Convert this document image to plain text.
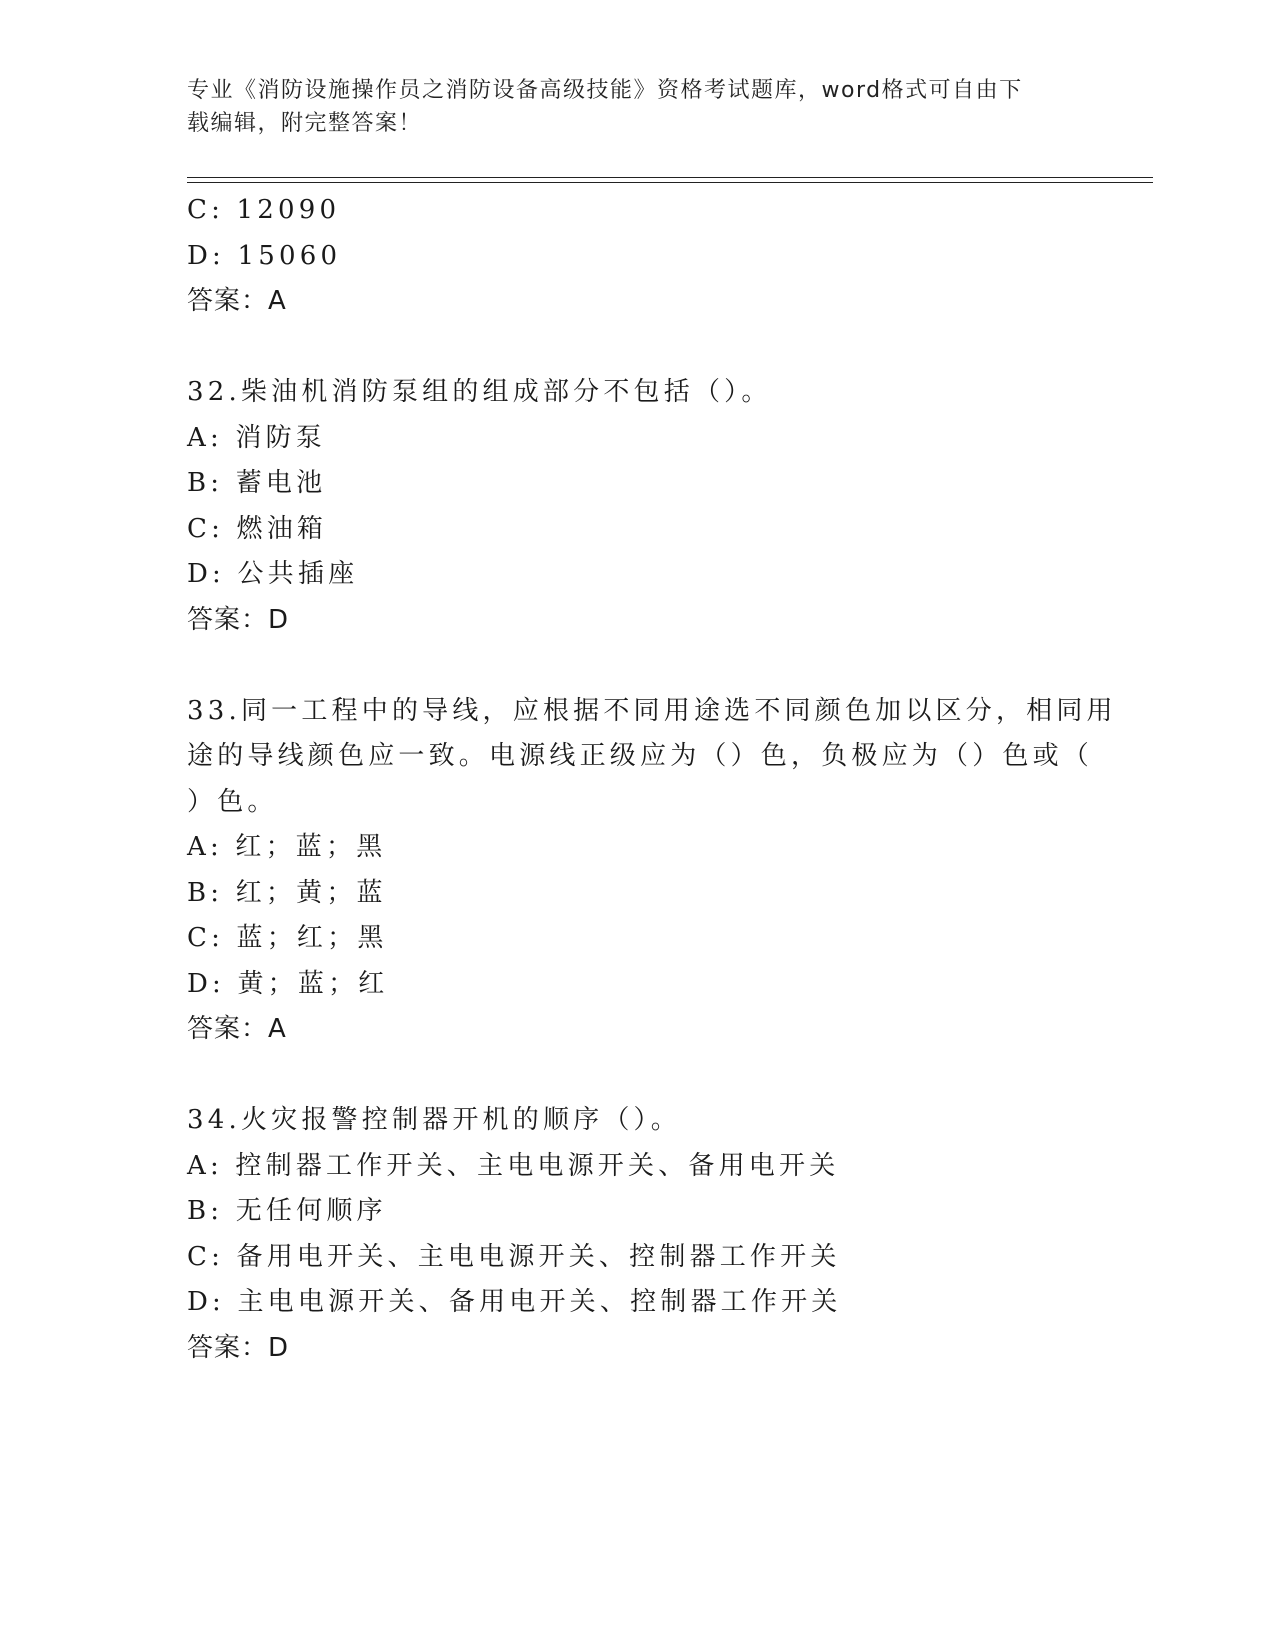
专业《消防设施操作员之消防设备高级技能》资格考试题库，word格式可自由下
载编辑，附完整答案！
C: 12090
D: 15060
答案：A
32.柴油机消防泵组的组成部分不包括（）。
A: 消防泵
B: 蓄电池
C: 燃油箱
D: 公共插座
答案：D
33.同一工程中的导线，应根据不同用途选不同颜色加以区分，相同用
途的导线颜色应一致。电源线正级应为（）色，负极应为（）色或（
）色。
A: 红；蓝；黑
B: 红；黄；蓝
C: 蓝；红；黑
D: 黄；蓝；红
答案：A
34.火灾报警控制器开机的顺序（）。
A: 控制器工作开关、主电电源开关、备用电开关
B: 无任何顺序
C: 备用电开关、主电电源开关、控制器工作开关
D: 主电电源开关、备用电开关、控制器工作开关
答案：D
